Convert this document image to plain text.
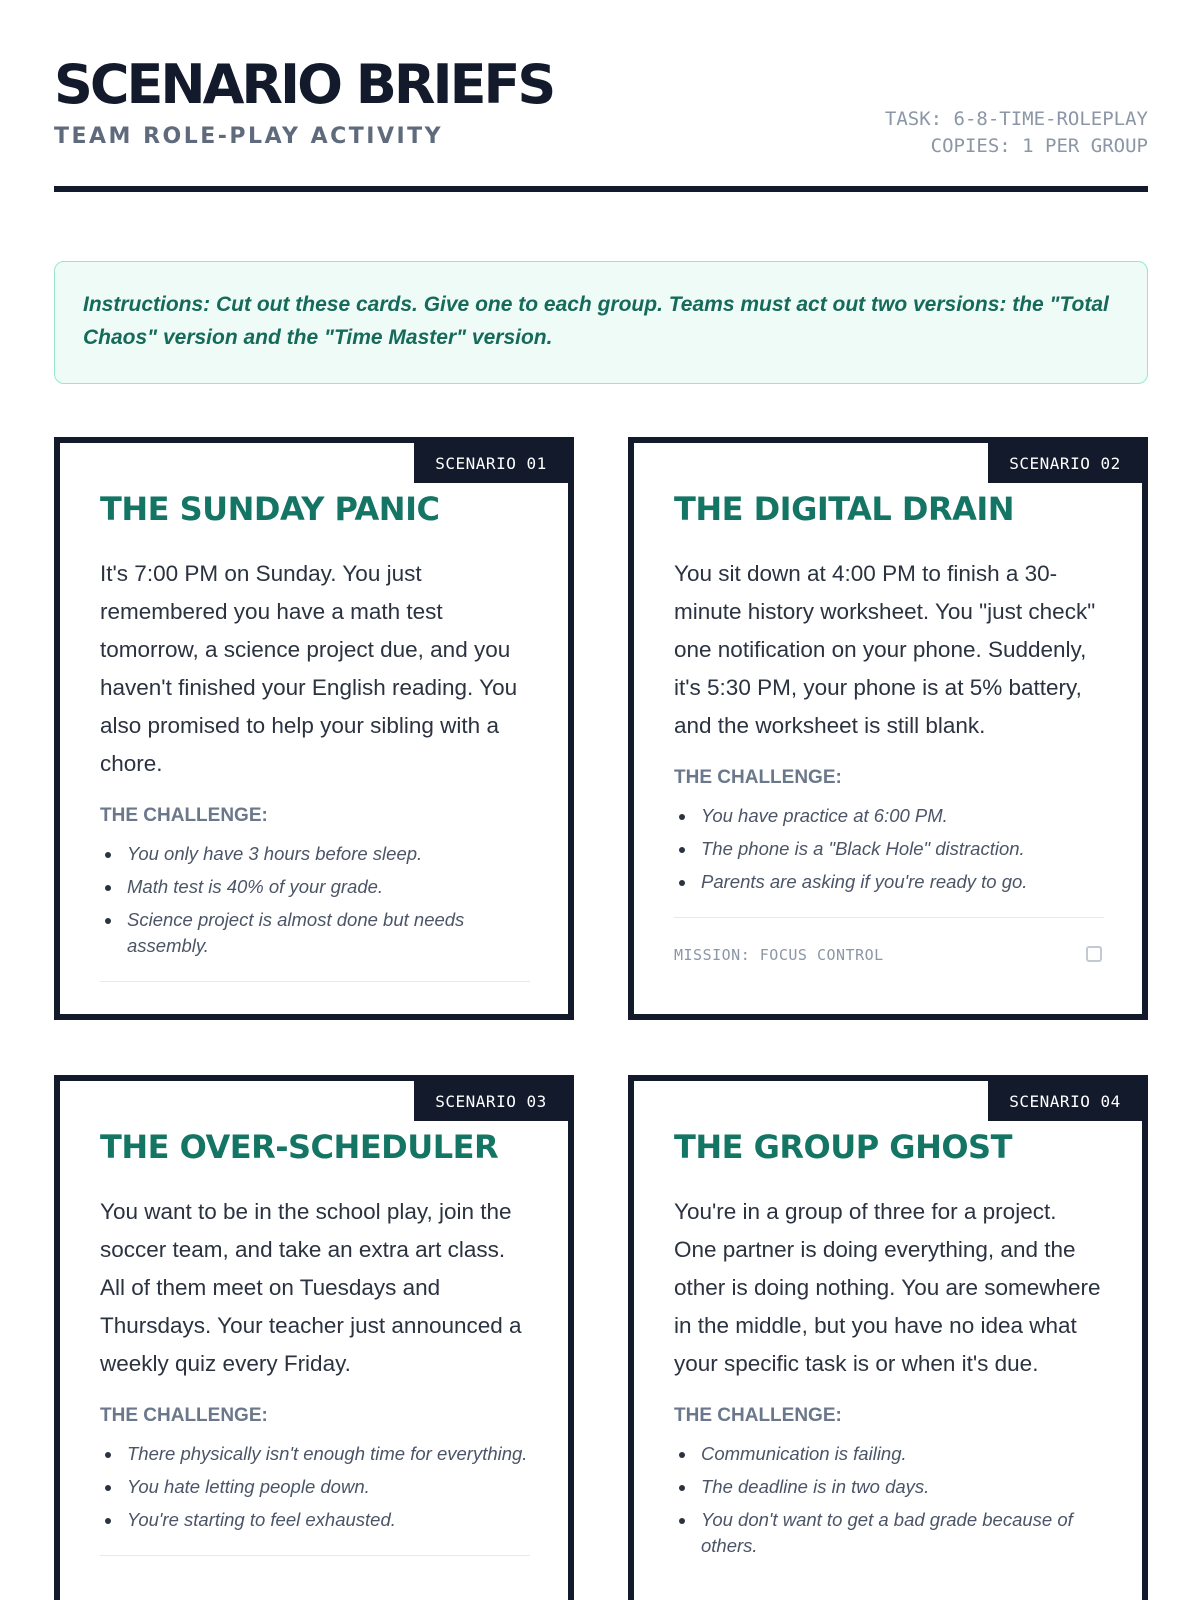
SCENARIO BRIEFS
TEAM ROLE-PLAY ACTIVITY
TASK: 6-8-TIME-ROLEPLAY
COPIES: 1 PER GROUP

Instructions: Cut out these cards. Give one to each group. Teams must act out two versions: the "Total Chaos" version and the "Time Master" version.

SCENARIO 01
THE SUNDAY PANIC
It's 7:00 PM on Sunday. You just remembered you have a math test tomorrow, a science project due, and you haven't finished your English reading. You also promised to help your sibling with a chore.
THE CHALLENGE:
You only have 3 hours before sleep.
Math test is 40% of your grade.
Science project is almost done but needs assembly.
SCENARIO 02
THE DIGITAL DRAIN
You sit down at 4:00 PM to finish a 30-minute history worksheet. You "just check" one notification on your phone. Suddenly, it's 5:30 PM, your phone is at 5% battery, and the worksheet is still blank.
THE CHALLENGE:
You have practice at 6:00 PM.
The phone is a "Black Hole" distraction.
Parents are asking if you're ready to go.
MISSION: FOCUS CONTROL
SCENARIO 03
THE OVER-SCHEDULER
You want to be in the school play, join the soccer team, and take an extra art class. All of them meet on Tuesdays and Thursdays. Your teacher just announced a weekly quiz every Friday.
THE CHALLENGE:
There physically isn't enough time for everything.
You hate letting people down.
You're starting to feel exhausted.
SCENARIO 04
THE GROUP GHOST
You're in a group of three for a project. One partner is doing everything, and the other is doing nothing. You are somewhere in the middle, but you have no idea what your specific task is or when it's due.
THE CHALLENGE:
Communication is failing.
The deadline is in two days.
You don't want to get a bad grade because of others.
